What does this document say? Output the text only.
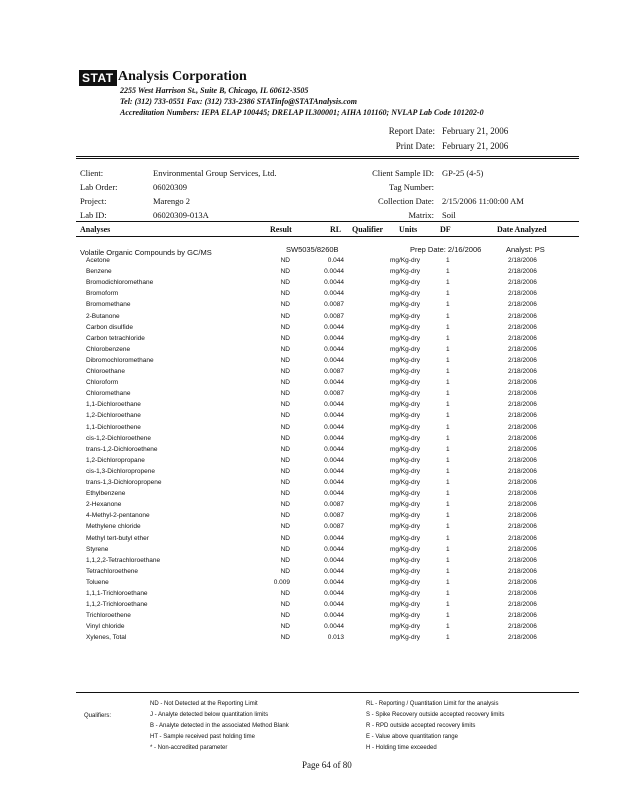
STAT Analysis Corporation
2255 West Harrison St., Suite B, Chicago, IL 60612-3505
Tel: (312) 733-0551 Fax: (312) 733-2386 STATinfo@STATAnalysis.com
Accreditation Numbers: IEPA ELAP 100445; DRELAP IL300001; AIHA 101160; NVLAP Lab Code 101202-0
Report Date: February 21, 2006
Print Date: February 21, 2006
Client:	Environmental Group Services, Ltd.
Lab Order:	06020309
Project:	Marengo 2
Lab ID:	06020309-013A
Client Sample ID: GP-25 (4-5)
Tag Number:
Collection Date: 2/15/2006 11:00:00 AM
Matrix: Soil
Analyses	Result	RL Qualifier Units	DF	Date Analyzed
Volatile Organic Compounds by GC/MS	SW5035/8260B	Prep Date: 2/16/2006	Analyst: PS
Acetone	ND	0.044	mg/Kg-dry	1	2/18/2006
Benzene	ND	0.0044	mg/Kg-dry	1	2/18/2006
Bromodichloromethane	ND	0.0044	mg/Kg-dry	1	2/18/2006
Bromoform	ND	0.0044	mg/Kg-dry	1	2/18/2006
Bromomethane	ND	0.0087	mg/Kg-dry	1	2/18/2006
2-Butanone	ND	0.0087	mg/Kg-dry	1	2/18/2006
Carbon disulfide	ND	0.0044	mg/Kg-dry	1	2/18/2006
Carbon tetrachloride	ND	0.0044	mg/Kg-dry	1	2/18/2006
Chlorobenzene	ND	0.0044	mg/Kg-dry	1	2/18/2006
Dibromochloromethane	ND	0.0044	mg/Kg-dry	1	2/18/2006
Chloroethane	ND	0.0087	mg/Kg-dry	1	2/18/2006
Chloroform	ND	0.0044	mg/Kg-dry	1	2/18/2006
Chloromethane	ND	0.0087	mg/Kg-dry	1	2/18/2006
1,1-Dichloroethane	ND	0.0044	mg/Kg-dry	1	2/18/2006
1,2-Dichloroethane	ND	0.0044	mg/Kg-dry	1	2/18/2006
1,1-Dichloroethene	ND	0.0044	mg/Kg-dry	1	2/18/2006
cis-1,2-Dichloroethene	ND	0.0044	mg/Kg-dry	1	2/18/2006
trans-1,2-Dichloroethene	ND	0.0044	mg/Kg-dry	1	2/18/2006
1,2-Dichloropropane	ND	0.0044	mg/Kg-dry	1	2/18/2006
cis-1,3-Dichloropropene	ND	0.0044	mg/Kg-dry	1	2/18/2006
trans-1,3-Dichloropropene	ND	0.0044	mg/Kg-dry	1	2/18/2006
Ethylbenzene	ND	0.0044	mg/Kg-dry	1	2/18/2006
2-Hexanone	ND	0.0087	mg/Kg-dry	1	2/18/2006
4-Methyl-2-pentanone	ND	0.0087	mg/Kg-dry	1	2/18/2006
Methylene chloride	ND	0.0087	mg/Kg-dry	1	2/18/2006
Methyl tert-butyl ether	ND	0.0044	mg/Kg-dry	1	2/18/2006
Styrene	ND	0.0044	mg/Kg-dry	1	2/18/2006
1,1,2,2-Tetrachloroethane	ND	0.0044	mg/Kg-dry	1	2/18/2006
Tetrachloroethene	ND	0.0044	mg/Kg-dry	1	2/18/2006
Toluene	0.009	0.0044	mg/Kg-dry	1	2/18/2006
1,1,1-Trichloroethane	ND	0.0044	mg/Kg-dry	1	2/18/2006
1,1,2-Trichloroethane	ND	0.0044	mg/Kg-dry	1	2/18/2006
Trichloroethene	ND	0.0044	mg/Kg-dry	1	2/18/2006
Vinyl chloride	ND	0.0044	mg/Kg-dry	1	2/18/2006
Xylenes, Total	ND	0.013	mg/Kg-dry	1	2/18/2006
Qualifiers:
ND - Not Detected at the Reporting Limit
J - Analyte detected below quantitation limits
B - Analyte detected in the associated Method Blank
HT - Sample received past holding time
* - Non-accredited parameter
RL - Reporting / Quantitation Limit for the analysis
S - Spike Recovery outside accepted recovery limits
R - RPD outside accepted recovery limits
E - Value above quantitation range
H - Holding time exceeded
Page 64 of 80
